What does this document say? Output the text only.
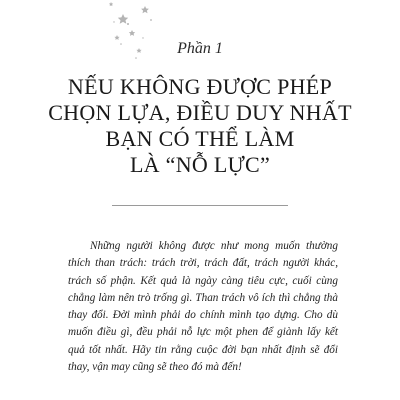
Phần 1
NẾU KHÔNG ĐƯỢC PHÉP
CHỌN LỰA, ĐIỀU DUY NHẤT
BẠN CÓ THỂ LÀM
LÀ “NỖ LỰC”

Những người không được như mong muốn thường thích than trách: trách trời, trách đất, trách người khác, trách số phận. Kết quả là ngày càng tiêu cực, cuối cùng chẳng làm nên trò trống gì. Than trách vô ích thì chẳng thà thay đổi. Đời mình phải do chính mình tạo dựng. Cho dù muốn điều gì, đều phải nỗ lực một phen để giành lấy kết quả tốt nhất. Hãy tin rằng cuộc đời bạn nhất định sẽ đổi thay, vận may cũng sẽ theo đó mà đến!
